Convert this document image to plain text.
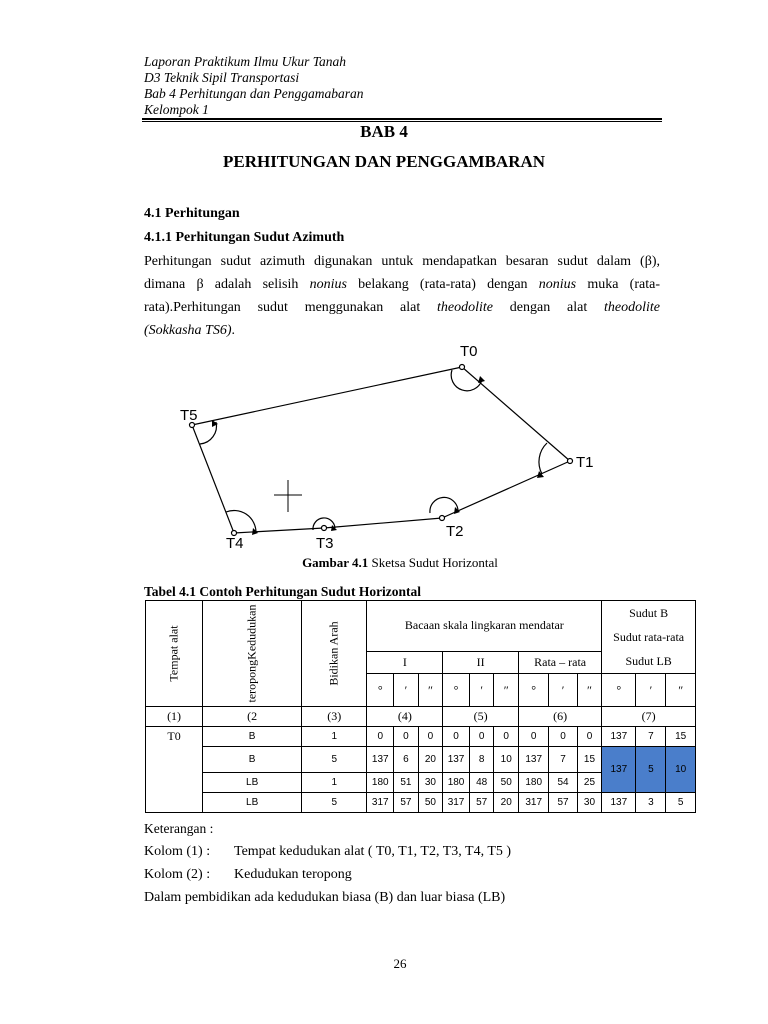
Laporan Praktikum Ilmu Ukur Tanah
D3 Teknik Sipil Transportasi
Bab 4 Perhitungan dan Penggamabaran
Kelompok 1
BAB 4
PERHITUNGAN DAN PENGGAMBARAN
4.1 Perhitungan
4.1.1 Perhitungan Sudut Azimuth
Perhitungan sudut azimuth digunakan untuk mendapatkan besaran sudut dalam (β),
dimana β adalah selisih nonius belakang (rata-rata) dengan nonius muka (rata-
rata).Perhitungan sudut menggunakan alat theodolite dengan alat theodolite
(Sokkasha TS6).
T0
T1
T2
T3
T4
T5
Gambar 4.1 Sketsa Sudut Horizontal
Tabel 4.1 Contoh Perhitungan Sudut Horizontal
Tempat alat	teropongKedudukan	Bidikan Arah	Bacaan skala lingkaran mendatar									Sudut B
Sudut rata-rata
Sudut LB		

			I			II			Rata – rata					
			°	′	″	°	′	″	°	′	″	°	′	″
(1)	(2	(3)	(4)			(5)			(6)			(7)		
T0	B	1	0	0	0	0	0	0	0	0	0	137	7	15
	B	5	137	6	20	137	8	10	137	7	15	137	5	10
	LB	1	180	51	30	180	48	50	180	54	25			
	LB	5	317	57	50	317	57	20	317	57	30	137	3	5
Keterangan :
Kolom (1) : Tempat kedudukan alat ( T0, T1, T2, T3, T4, T5 )
Kolom (2) : Kedudukan teropong
Dalam pembidikan ada kedudukan biasa (B) dan luar biasa (LB)
26
